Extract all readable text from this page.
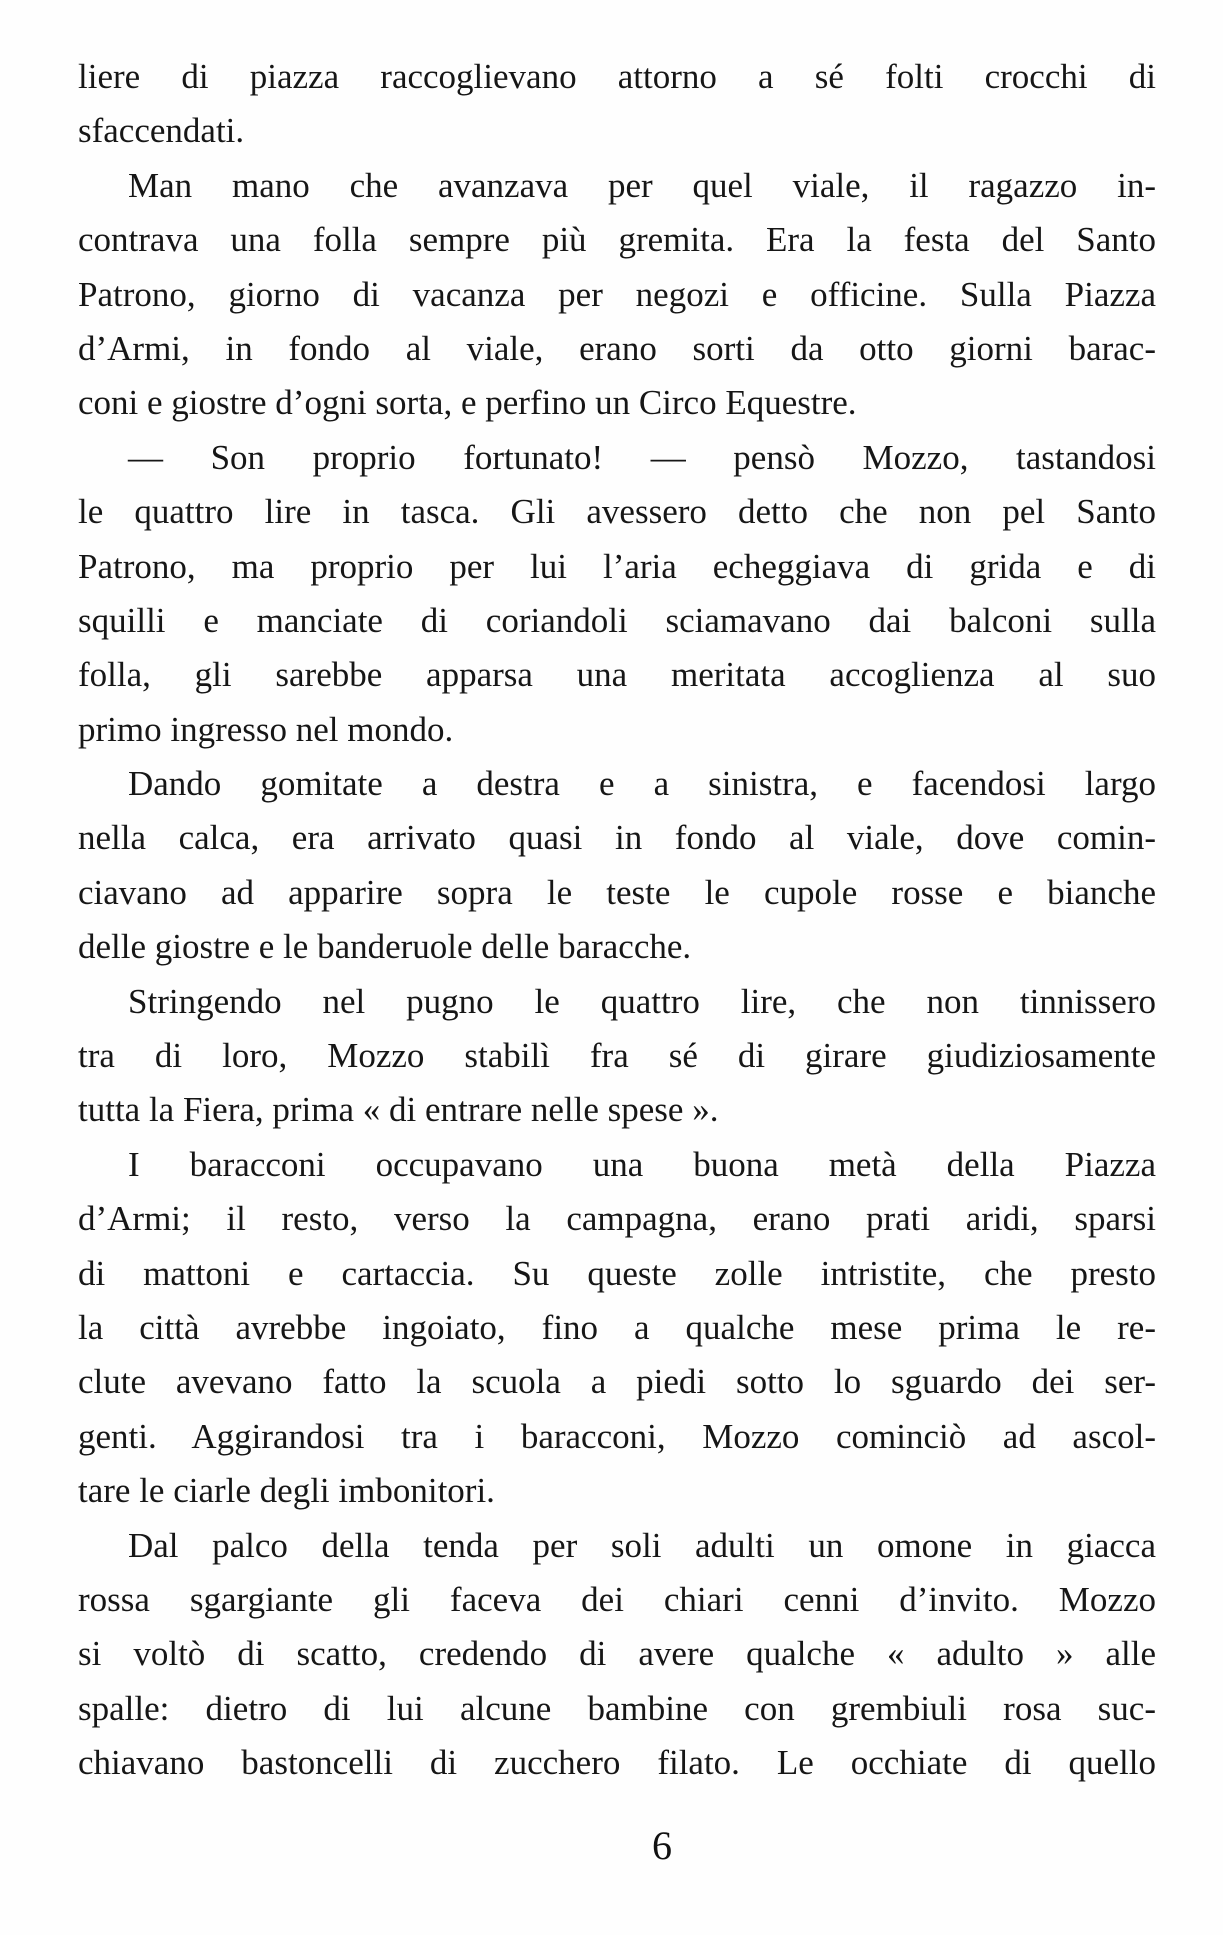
liere di piazza raccoglievano attorno a sé folti crocchi di
sfaccendati.
Man mano che avanzava per quel viale, il ragazzo in-
contrava una folla sempre più gremita. Era la festa del Santo
Patrono, giorno di vacanza per negozi e officine. Sulla Piazza
d’Armi, in fondo al viale, erano sorti da otto giorni barac-
coni e giostre d’ogni sorta, e perfino un Circo Equestre.
— Son proprio fortunato! — pensò Mozzo, tastandosi
le quattro lire in tasca. Gli avessero detto che non pel Santo
Patrono, ma proprio per lui l’aria echeggiava di grida e di
squilli e manciate di coriandoli sciamavano dai balconi sulla
folla, gli sarebbe apparsa una meritata accoglienza al suo
primo ingresso nel mondo.
Dando gomitate a destra e a sinistra, e facendosi largo
nella calca, era arrivato quasi in fondo al viale, dove comin-
ciavano ad apparire sopra le teste le cupole rosse e bianche
delle giostre e le banderuole delle baracche.
Stringendo nel pugno le quattro lire, che non tinnissero
tra di loro, Mozzo stabilì fra sé di girare giudiziosamente
tutta la Fiera, prima « di entrare nelle spese ».
I baracconi occupavano una buona metà della Piazza
d’Armi; il resto, verso la campagna, erano prati aridi, sparsi
di mattoni e cartaccia. Su queste zolle intristite, che presto
la città avrebbe ingoiato, fino a qualche mese prima le re-
clute avevano fatto la scuola a piedi sotto lo sguardo dei ser-
genti. Aggirandosi tra i baracconi, Mozzo cominciò ad ascol-
tare le ciarle degli imbonitori.
Dal palco della tenda per soli adulti un omone in giacca
rossa sgargiante gli faceva dei chiari cenni d’invito. Mozzo
si voltò di scatto, credendo di avere qualche « adulto » alle
spalle: dietro di lui alcune bambine con grembiuli rosa suc-
chiavano bastoncelli di zucchero filato. Le occhiate di quello
6
